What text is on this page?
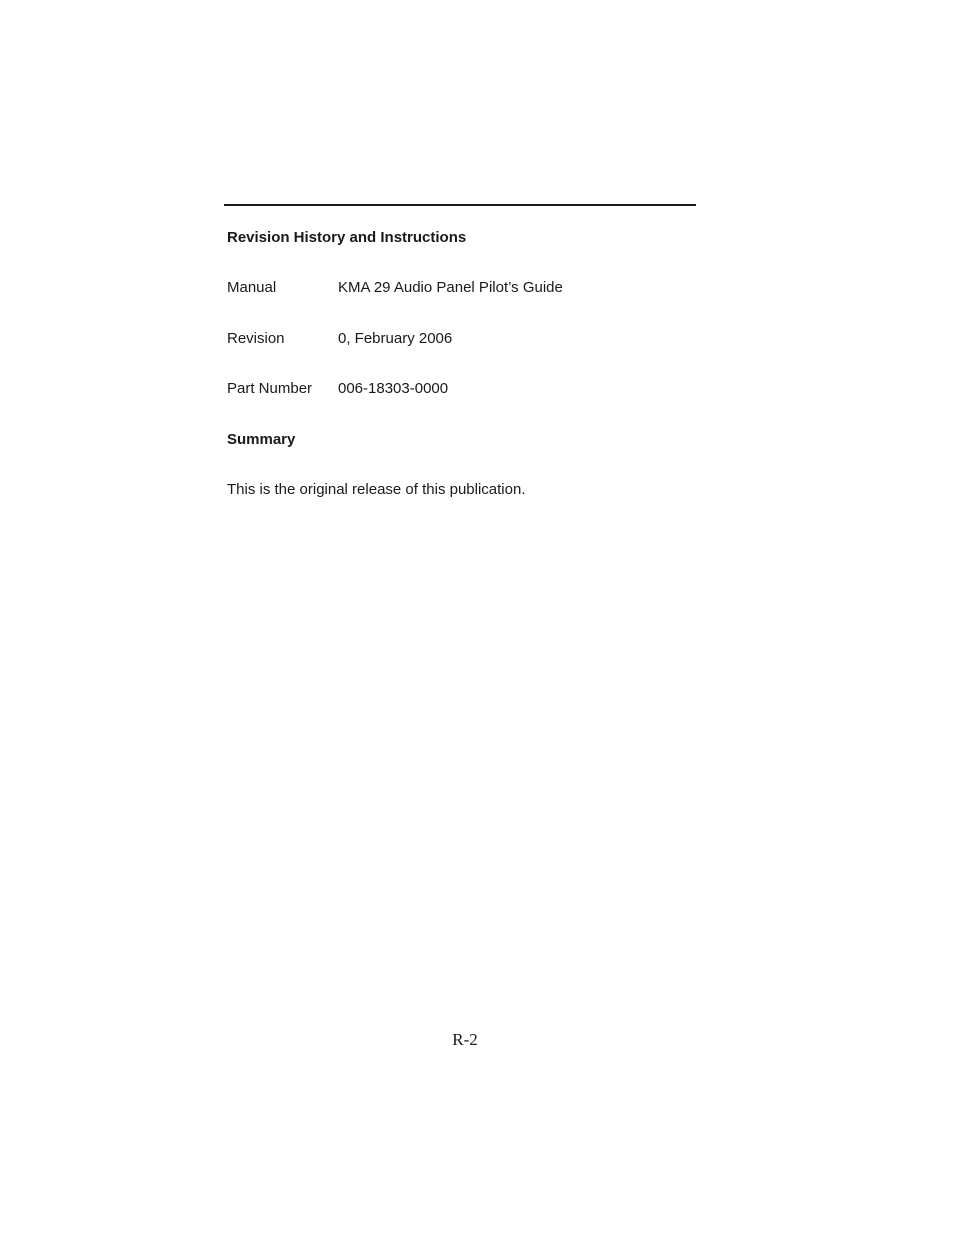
Revision History and Instructions
Manual	KMA 29 Audio Panel Pilot’s Guide
Revision	0, February 2006
Part Number 006-18303-0000
Summary
This is the original release of this publication.
R-2
